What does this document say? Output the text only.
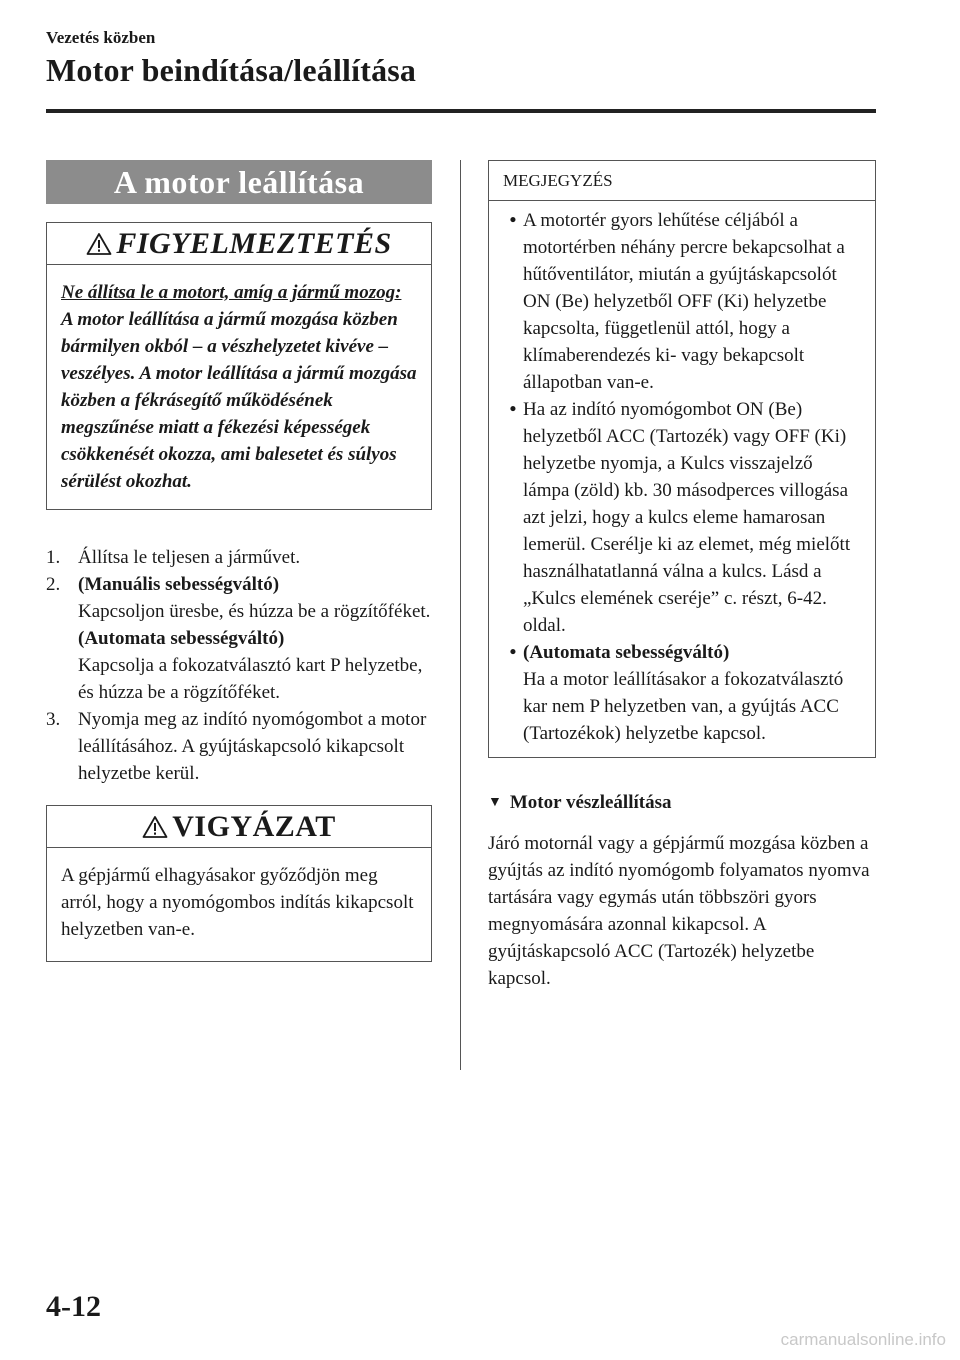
Vezetés közben
Motor beindítása/leállítása
A motor leállítása
FIGYELMEZTETÉS
Ne állítsa le a motort, amíg a jármű mozog:
A motor leállítása a jármű mozgása közben bármilyen okból – a vészhelyzetet kivéve – veszélyes. A motor leállítása a jármű mozgása közben a fékrásegítő működésének megszűnése miatt a fékezési képességek csökkenését okozza, ami balesetet és súlyos sérülést okozhat.
1. Állítsa le teljesen a járművet.
2. (Manuális sebességváltó)
Kapcsoljon üresbe, és húzza be a rögzítőféket.
(Automata sebességváltó)
Kapcsolja a fokozatválasztó kart P helyzetbe, és húzza be a rögzítőféket.
3. Nyomja meg az indító nyomógombot a motor leállításához. A gyújtáskapcsoló kikapcsolt helyzetbe kerül.
VIGYÁZAT
A gépjármű elhagyásakor győződjön meg arról, hogy a nyomógombos indítás kikapcsolt helyzetben van-e.
MEGJEGYZÉS
• A motortér gyors lehűtése céljából a motortérben néhány percre bekapcsolhat a hűtőventilátor, miután a gyújtáskapcsolót ON (Be) helyzetből OFF (Ki) helyzetbe kapcsolta, függetlenül attól, hogy a klímaberendezés ki- vagy bekapcsolt állapotban van-e.
• Ha az indító nyomógombot ON (Be) helyzetből ACC (Tartozék) vagy OFF (Ki) helyzetbe nyomja, a Kulcs visszajelző lámpa (zöld) kb. 30 másodperces villogása azt jelzi, hogy a kulcs eleme hamarosan lemerül. Cserélje ki az elemet, még mielőtt használhatatlanná válna a kulcs. Lásd a „Kulcs elemének cseréje” c. részt, 6-42. oldal.
• (Automata sebességváltó)
Ha a motor leállításakor a fokozatválasztó kar nem P helyzetben van, a gyújtás ACC (Tartozékok) helyzetbe kapcsol.
▼ Motor vészleállítása
Járó motornál vagy a gépjármű mozgása közben a gyújtás az indító nyomógomb folyamatos nyomva tartására vagy egymás után többszöri gyors megnyomására azonnal kikapcsol. A gyújtáskapcsoló ACC (Tartozék) helyzetbe kapcsol.
4-12
carmanualsonline.info
